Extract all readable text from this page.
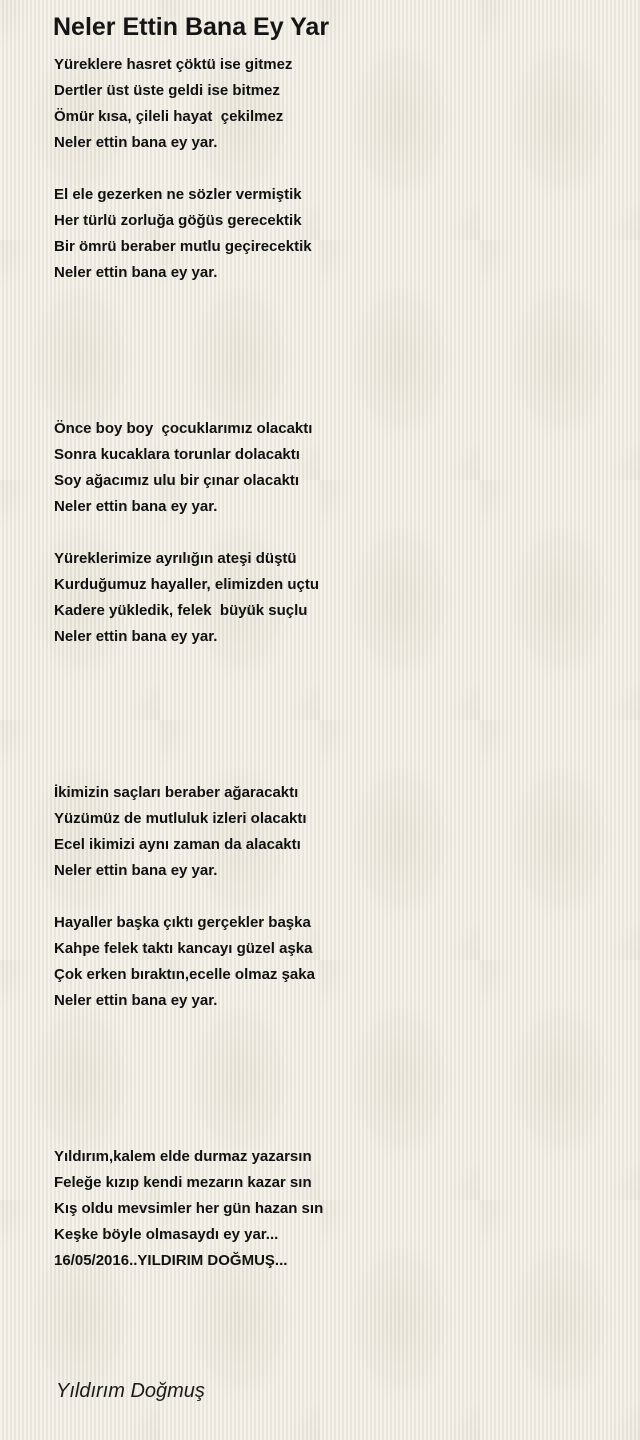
Neler Ettin Bana Ey Yar
Yüreklere hasret çöktü ise gitmez
Dertler üst üste geldi ise bitmez
Ömür kısa, çileli hayat  çekilmez
Neler ettin bana ey yar.
El ele gezerken ne sözler vermiştik
Her türlü zorluğa göğüs gerecektik
Bir ömrü beraber mutlu geçirecektik
Neler ettin bana ey yar.
Önce boy boy  çocuklarımız olacaktı
Sonra kucaklara torunlar dolacaktı
Soy ağacımız ulu bir çınar olacaktı
Neler ettin bana ey yar.
Yüreklerimize ayrılığın ateşi düştü
Kurduğumuz hayaller, elimizden uçtu
Kadere yükledik, felek  büyük suçlu
Neler ettin bana ey yar.
İkimizin saçları beraber ağaracaktı
Yüzümüz de mutluluk izleri olacaktı
Ecel ikimizi aynı zaman da alacaktı
Neler ettin bana ey yar.
Hayaller başka çıktı gerçekler başka
Kahpe felek taktı kancayı güzel aşka
Çok erken bıraktın,ecelle olmaz şaka
Neler ettin bana ey yar.
Yıldırım,kalem elde durmaz yazarsın
Feleğe kızıp kendi mezarın kazar sın
Kış oldu mevsimler her gün hazan sın
Keşke böyle olmasaydı ey yar...
16/05/2016..YILDIRIM DOĞMUŞ...
Yıldırım Doğmuş
